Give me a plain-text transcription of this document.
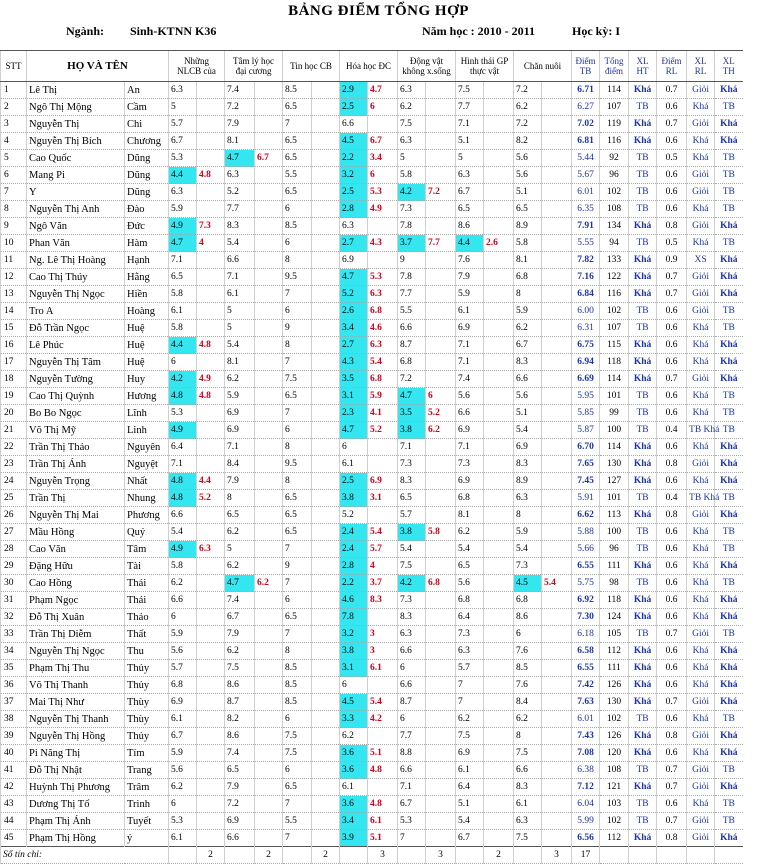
BẢNG ĐIỂM TỔNG HỢP
Ngành: Sinh-KTNN K36	Năm học : 2010 - 2011	Học kỳ: I
STT	HỌ VÀ TÊN		Những NLCB của		Tâm lý học đại cương		Tin học CB		Hóa học ĐC		Động vật không x.sống		Hình thái GP thực vật		Chăn nuôi		Điểm TB	Tổng điểm	XL HT	Điểm RL	XL RL	XL TH
1	Lê Thị	An	6.3		7.4		8.5		2.9	4.7	6.3		7.5		7.2		6.71	114	Khá	0.7	Giỏi	Khá
2	Ngô Thị Mộng	Cầm	5		7.2		6.5		2.5	6	6.2		7.7		6.2		6.27	107	TB	0.6	Khá	TB
3	Nguyễn Thị	Chi	5.7		7.9		7		6.6		7.5		7.1		7.2		7.02	119	Khá	0.7	Giỏi	Khá
4	Nguyễn Thị Bích	Chương	6.7		8.1		6.5		4.5	6.7	6.3		5.1		8.2		6.81	116	Khá	0.6	Khá	Khá
5	Cao Quốc	Dũng	5.3		4.7	6.7	6.5		2.2	3.4	5		5		5.6		5.44	92	TB	0.5	Khá	TB
6	Mang Pi	Dũng	4.4	4.8	6.3		5.5		3.2	6	5.8		6.3		5.6		5.67	96	TB	0.6	Giỏi	TB
7	Y	Dũng	6.3		5.2		6.5		2.5	5.3	4.2	7.2	6.7		5.1		6.01	102	TB	0.6	Giỏi	TB
8	Nguyễn Thị Anh	Đào	5.9		7.7		6		2.8	4.9	7.3		6.5		6.5		6.35	108	TB	0.6	Khá	TB
9	Ngô Văn	Đức	4.9	7.3	8.3		8.5		6.3		7.8		8.6		8.9		7.91	134	Khá	0.8	Giỏi	Khá
10	Phan Văn	Hàm	4.7	4	5.4		6		2.7	4.3	3.7	7.7	4.4	2.6	5.8		5.55	94	TB	0.5	Khá	TB
11	Ng. Lê Thị Hoàng	Hạnh	7.1		6.6		8		6.9		9		7.6		8.1		7.82	133	Khá	0.9	XS	Khá
12	Cao Thị Thúy	Hằng	6.5		7.1		9.5		4.7	5.3	7.8		7.9		6.8		7.16	122	Khá	0.7	Giỏi	Khá
13	Nguyễn Thị Ngọc	Hiền	5.8		6.1		7		5.2	6.3	7.7		5.9		8		6.84	116	Khá	0.7	Giỏi	Khá
14	Tro A	Hoàng	6.1		5		6		2.6	6.8	5.5		6.1		5.9		6.00	102	TB	0.6	Giỏi	TB
15	Đỗ Trần Ngọc	Huệ	5.8		5		9		3.4	4.6	6.6		6.9		6.2		6.31	107	TB	0.6	Khá	TB
16	Lê Phúc	Huệ	4.4	4.8	5.4		8		2.7	6.3	8.7		7.1		6.7		6.75	115	Khá	0.6	Khá	Khá
17	Nguyễn Thị Tâm	Huệ	6		8.1		7		4.3	5.4	6.8		7.1		8.3		6.94	118	Khá	0.6	Khá	Khá
18	Nguyễn Tường	Huy	4.2	4.9	6.2		7.5		3.5	6.8	7.2		7.4		6.6		6.69	114	Khá	0.7	Giỏi	Khá
19	Cao Thị Quỳnh	Hương	4.8	4.8	5.9		6.5		3.1	5.9	4.7	6	5.6		5.6		5.95	101	TB	0.6	Khá	TB
20	Bo Bo Ngọc	Lĩnh	5.3		6.9		7		2.3	4.1	3.5	5.2	6.6		5.1		5.85	99	TB	0.6	Khá	TB
21	Võ Thị Mỹ	Linh	4.9		6.9		6		4.7	5.2	3.8	6.2	6.9		5.4		5.87	100	TB	0.4	TB Khá	TB
22	Trần Thị Thảo	Nguyên	6.4		7.1		8		6		7.1		7.1		6.9		6.70	114	Khá	0.6	Khá	Khá
23	Trần Thị Ánh	Nguyệt	7.1		8.4		9.5		6.1		7.3		7.3		8.3		7.65	130	Khá	0.8	Giỏi	Khá
24	Nguyễn Trọng	Nhất	4.8	4.4	7.9		8		2.5	6.9	8.3		6.9		8.9		7.45	127	Khá	0.6	Khá	Khá
25	Trần Thị	Nhung	4.8	5.2	8		6.5		3.8	3.1	6.5		6.8		6.3		5.91	101	TB	0.4	TB Khá	TB
26	Nguyễn Thị Mai	Phương	6.6		6.5		6.5		5.2		5.7		8.1		8		6.62	113	Khá	0.8	Giỏi	Khá
27	Mầu Hồng	Quý	5.4		6.2		6.5		2.4	5.4	3.8	5.8	6.2		5.9		5.88	100	TB	0.6	Khá	TB
28	Cao Văn	Tâm	4.9	6.3	5		7		2.4	5.7	5.4		5.4		5.4		5.66	96	TB	0.6	Khá	TB
29	Đặng Hữu	Tài	5.8		6.2		9		2.8	4	7.5		6.5		7.3		6.55	111	Khá	0.6	Khá	Khá
30	Cao Hồng	Thái	6.2		4.7	6.2	7		2.2	3.7	4.2	6.8	5.6		4.5	5.4	5.75	98	TB	0.6	Khá	TB
31	Phạm Ngọc	Thái	6.6		7.4		6		4.6	8.3	7.3		6.8		6.8		6.92	118	Khá	0.6	Khá	Khá
32	Đỗ Thị Xuân	Thảo	6		6.7		6.5		7.8		8.3		6.4		8.6		7.30	124	Khá	0.6	Khá	Khá
33	Trần Thị Diễm	Thất	5.9		7.9		7		3.2	3	6.3		7.3		6		6.18	105	TB	0.7	Giỏi	TB
34	Nguyễn Thị Ngọc	Thu	5.6		6.2		8		3.8	3	6.6		6.3		7.6		6.58	112	Khá	0.6	Khá	Khá
35	Phạm Thị Thu	Thủy	5.7		7.5		8.5		3.1	6.1	6		5.7		8.5		6.55	111	Khá	0.6	Khá	Khá
36	Võ Thị Thanh	Thủy	6.8		8.6		8.5		6		6.6		7		7.6		7.42	126	Khá	0.6	Khá	Khá
37	Mai Thị Như	Thùy	6.9		8.7		8.5		4.5	5.4	8.7		7		8.4		7.63	130	Khá	0.7	Giỏi	Khá
38	Nguyễn Thị Thanh	Thùy	6.1		8.2		6		3.3	4.2	6		6.2		6.2		6.01	102	TB	0.6	Khá	TB
39	Nguyễn Thị Hồng	Thủy	6.7		8.6		7.5		6.2		7.7		7.5		8		7.43	126	Khá	0.8	Giỏi	Khá
40	Pi Năng Thị	Tím	5.9		7.4		7.5		3.6	5.1	8.8		6.9		7.5		7.08	120	Khá	0.6	Khá	Khá
41	Đỗ Thị Nhật	Trang	5.6		6.5		6		3.6	4.8	6.6		6.1		6.6		6.38	108	TB	0.7	Giỏi	TB
42	Huỳnh Thị Phương	Trâm	6.2		7.9		6.5		6.1		7.1		6.4		8.3		7.12	121	Khá	0.7	Giỏi	Khá
43	Dương Thị Tố	Trinh	6		7.2		7		3.6	4.8	6.7		5.1		6.1		6.04	103	TB	0.6	Khá	TB
44	Phạm Thị Ánh	Tuyết	5.3		6.9		5.5		3.4	6.1	5.3		5.4		6.3		5.99	102	TB	0.7	Giỏi	TB
45	Phạm Thị Hồng	ý	6.1		6.6		7		3.9	5.1	7		6.7		7.5		6.56	112	Khá	0.8	Giỏi	Khá
Số tín chỉ:				2		2		2		3		3		2		3	17					
